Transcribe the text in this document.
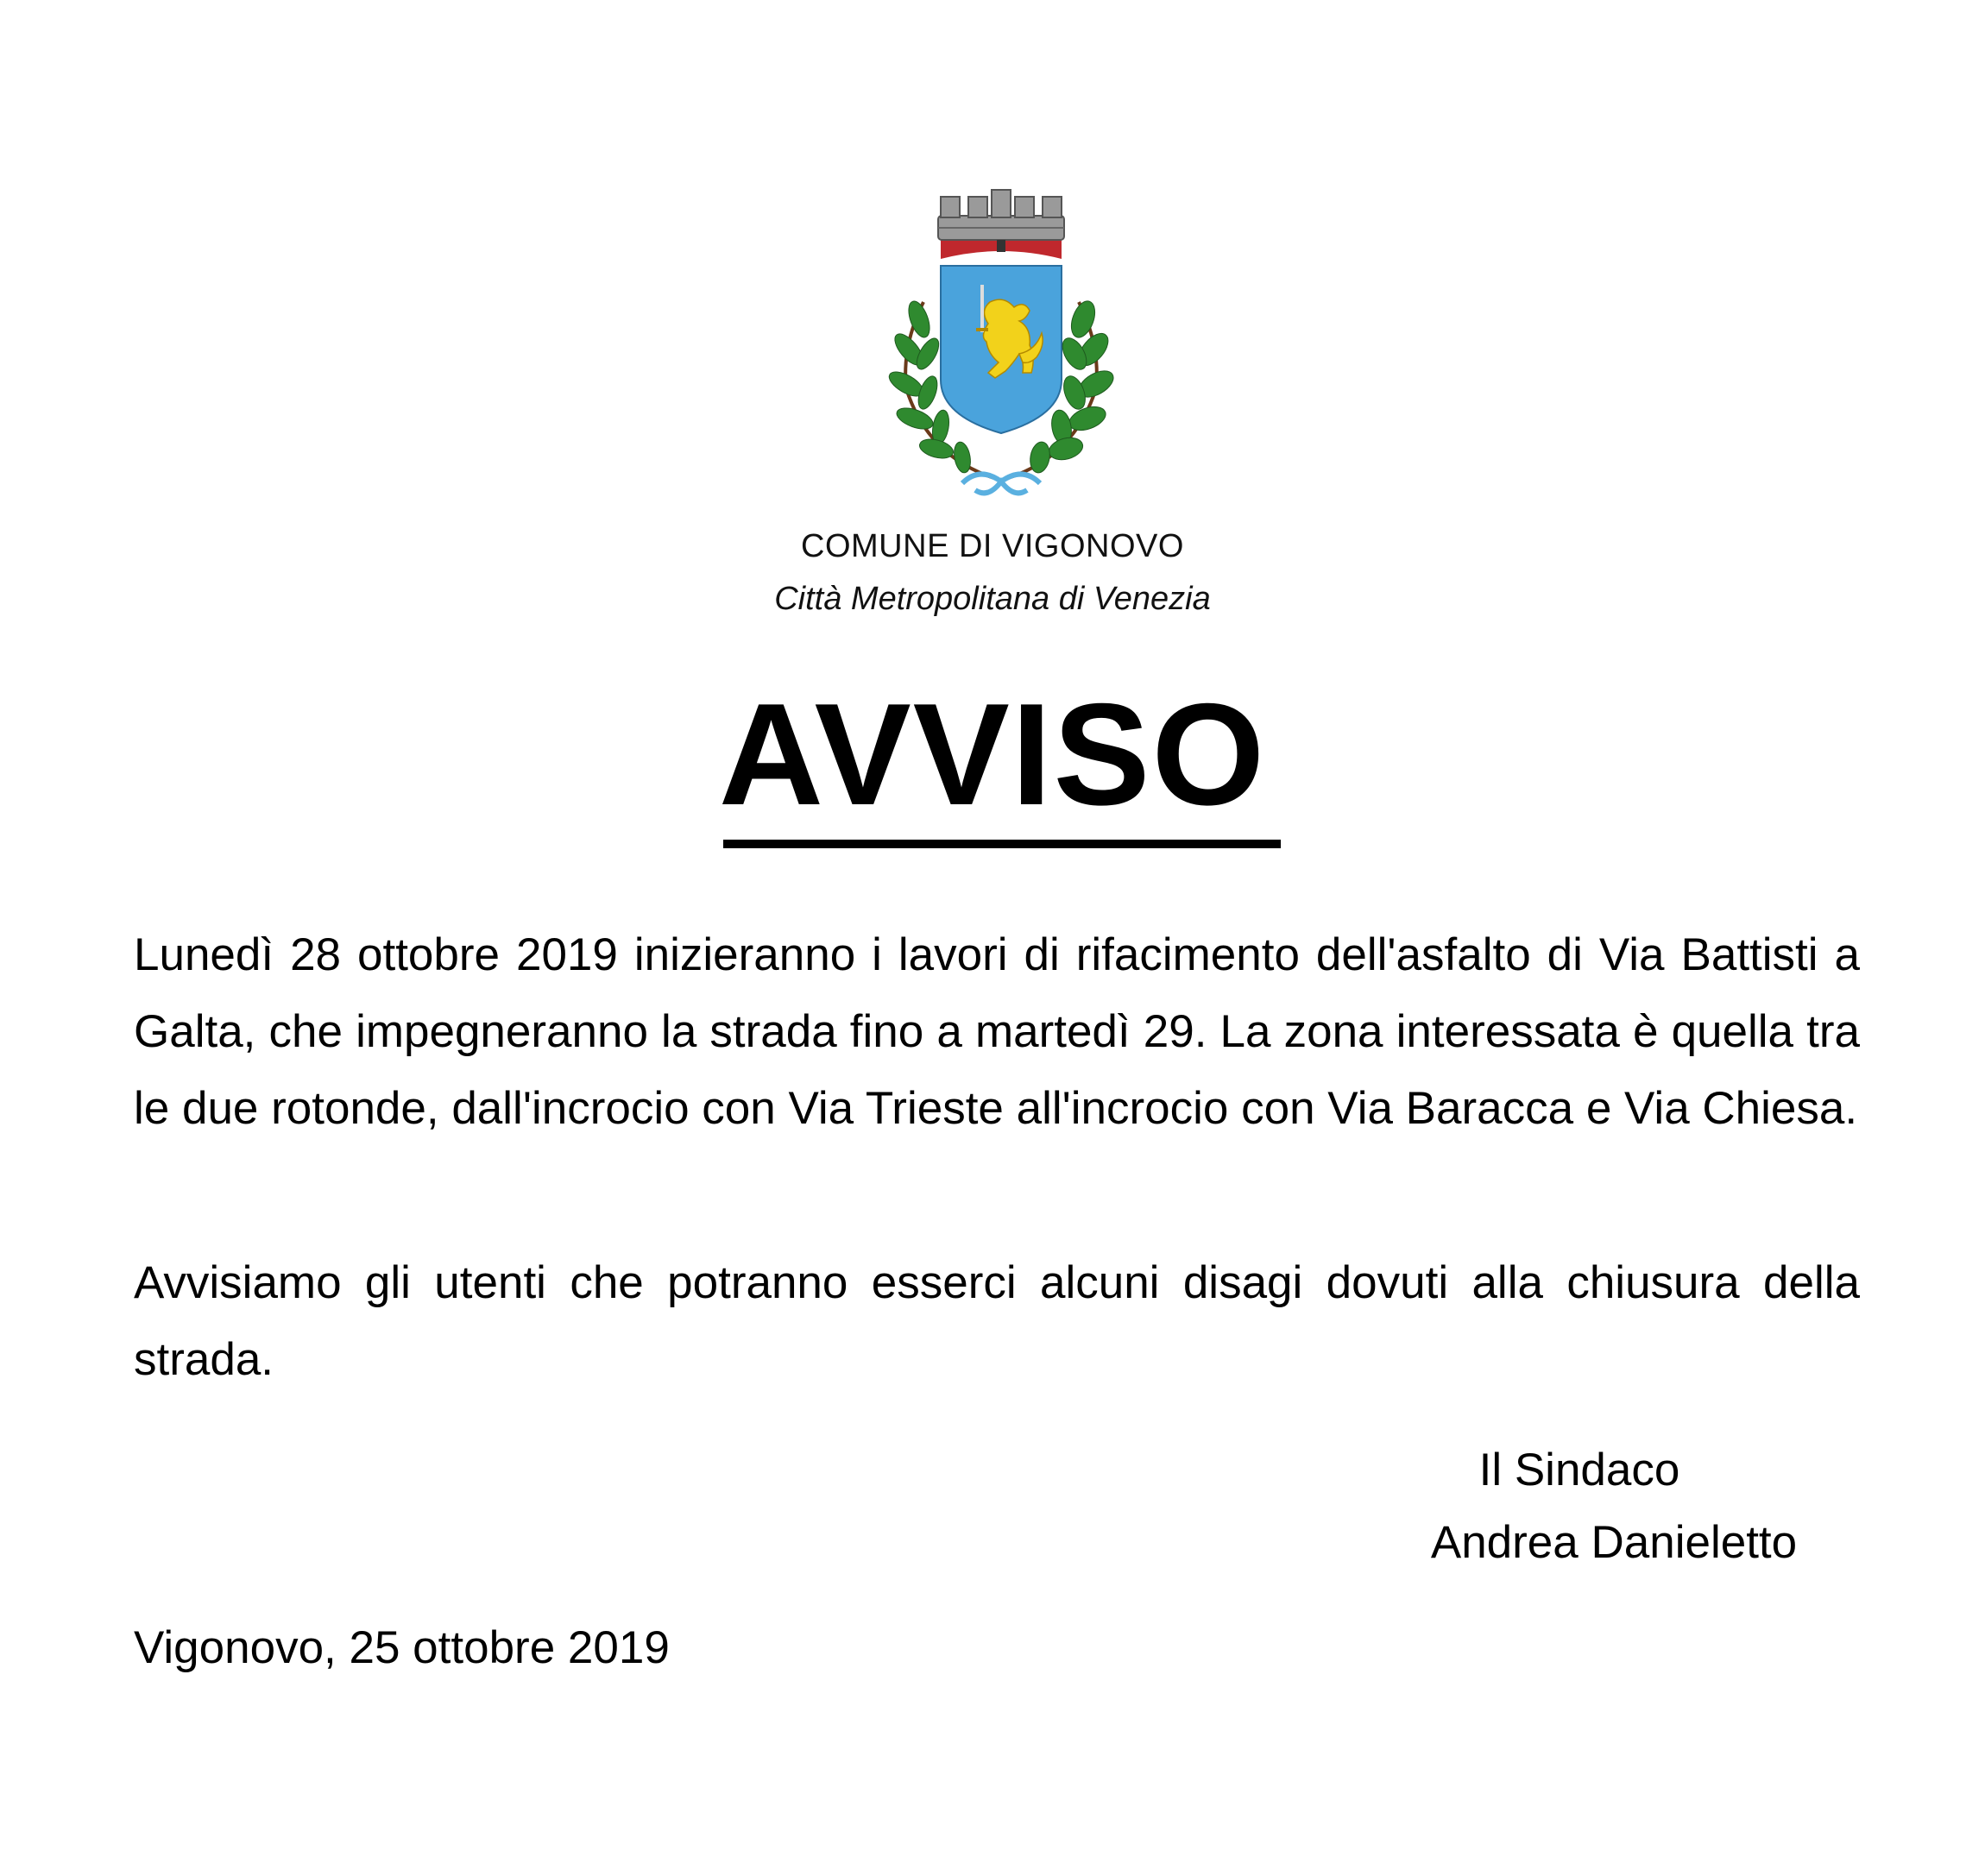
COMUNE DI VIGONOVO
Città Metropolitana di Venezia
AVVISO
Lunedì 28 ottobre 2019 inizieranno i lavori di rifacimento dell'asfalto di Via Battisti a Galta, che impegneranno la strada fino a martedì 29. La zona interessata è quella tra le due rotonde, dall'incrocio con Via Trieste all'incrocio con Via Baracca e Via Chiesa.
Avvisiamo gli utenti che potranno esserci alcuni disagi dovuti alla chiusura della strada.
Il Sindaco
Andrea Danieletto
Vigonovo, 25 ottobre 2019
